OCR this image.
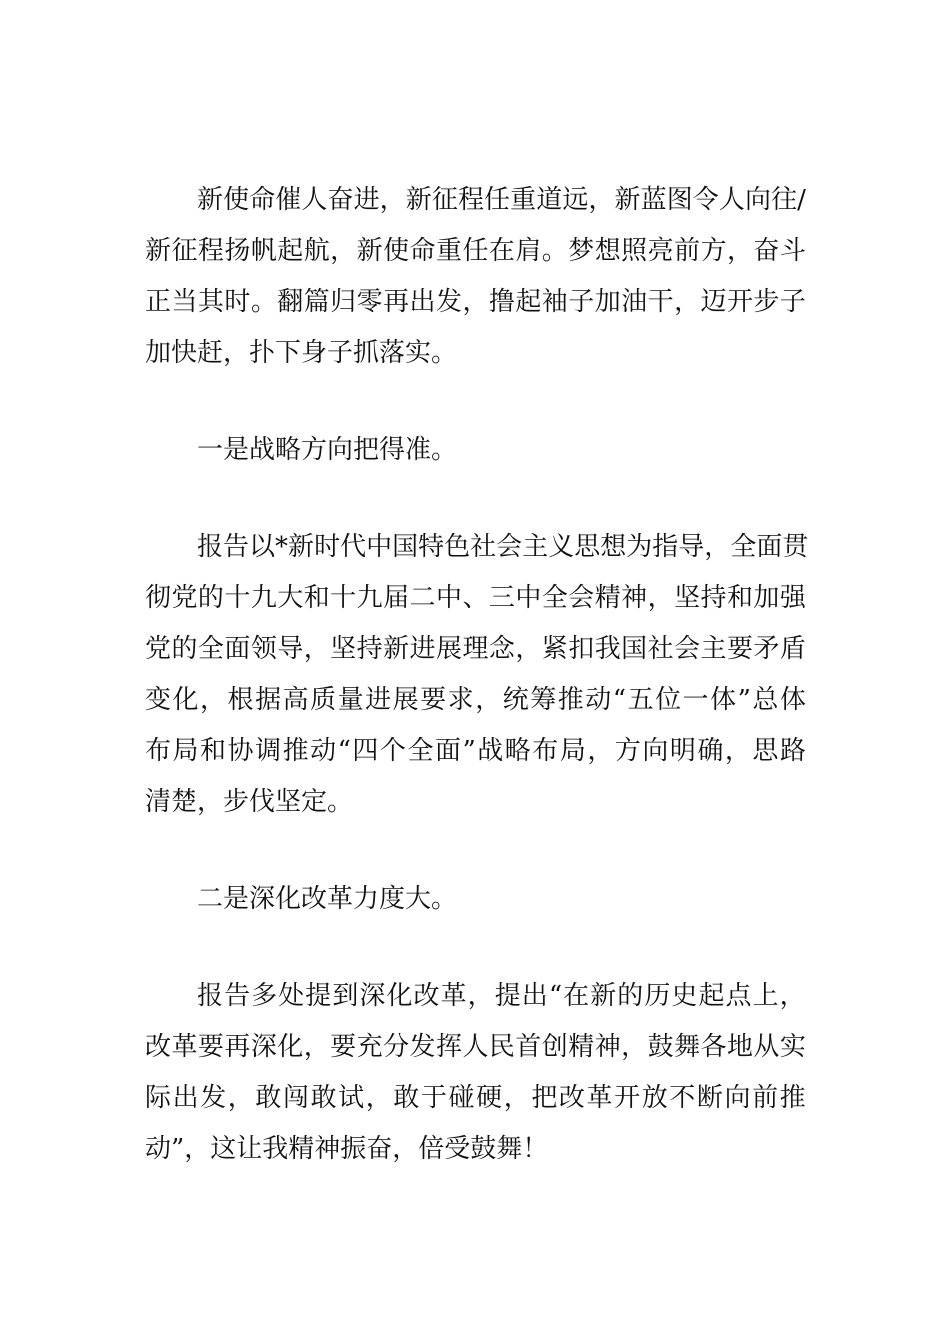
新 使 命 催 人 奋 进 ， 新 征 程 任 重 道 远 ， 新 蓝 图 令 人 向 往 /
新 征 程 扬 帆 起 航 ， 新 使 命 重 任 在 肩 。 梦 想 照 亮 前 方 ， 奋 斗
正 当 其 时 。 翻 篇 归 零 再 出 发 ， 撸 起 袖 子 加 油 干 ， 迈 开 步 子
加快赶，扑下身子抓落实。
一是战略方向把得准。
报 告 以 * 新 时 代 中 国 特 色 社 会 主 义 思 想 为 指 导 ， 全 面 贯
彻 党 的 十 九 大 和 十 九 届 二 中 、 三 中 全 会 精 神 ， 坚 持 和 加 强
党 的 全 面 领 导 ， 坚 持 新 进 展 理 念 ， 紧 扣 我 国 社 会 主 要 矛 盾
变 化 ， 根 据 高 质 量 进 展 要 求 ， 统 筹 推 动 “ 五 位 一 体 ” 总 体
布 局 和 协 调 推 动 “ 四 个 全 面 ” 战 略 布 局 ， 方 向 明 确 ， 思 路
清楚，步伐坚定。
二是深化改革力度大。
报 告 多 处 提 到 深 化 改 革 ， 提 出 “ 在 新 的 历 史 起 点 上 ，
改 革 要 再 深 化 ， 要 充 分 发 挥 人 民 首 创 精 神 ， 鼓 舞 各 地 从 实
际 出 发 ， 敢 闯 敢 试 ， 敢 于 碰 硬 ， 把 改 革 开 放 不 断 向 前 推
动”，这让我精神振奋，倍受鼓舞！
